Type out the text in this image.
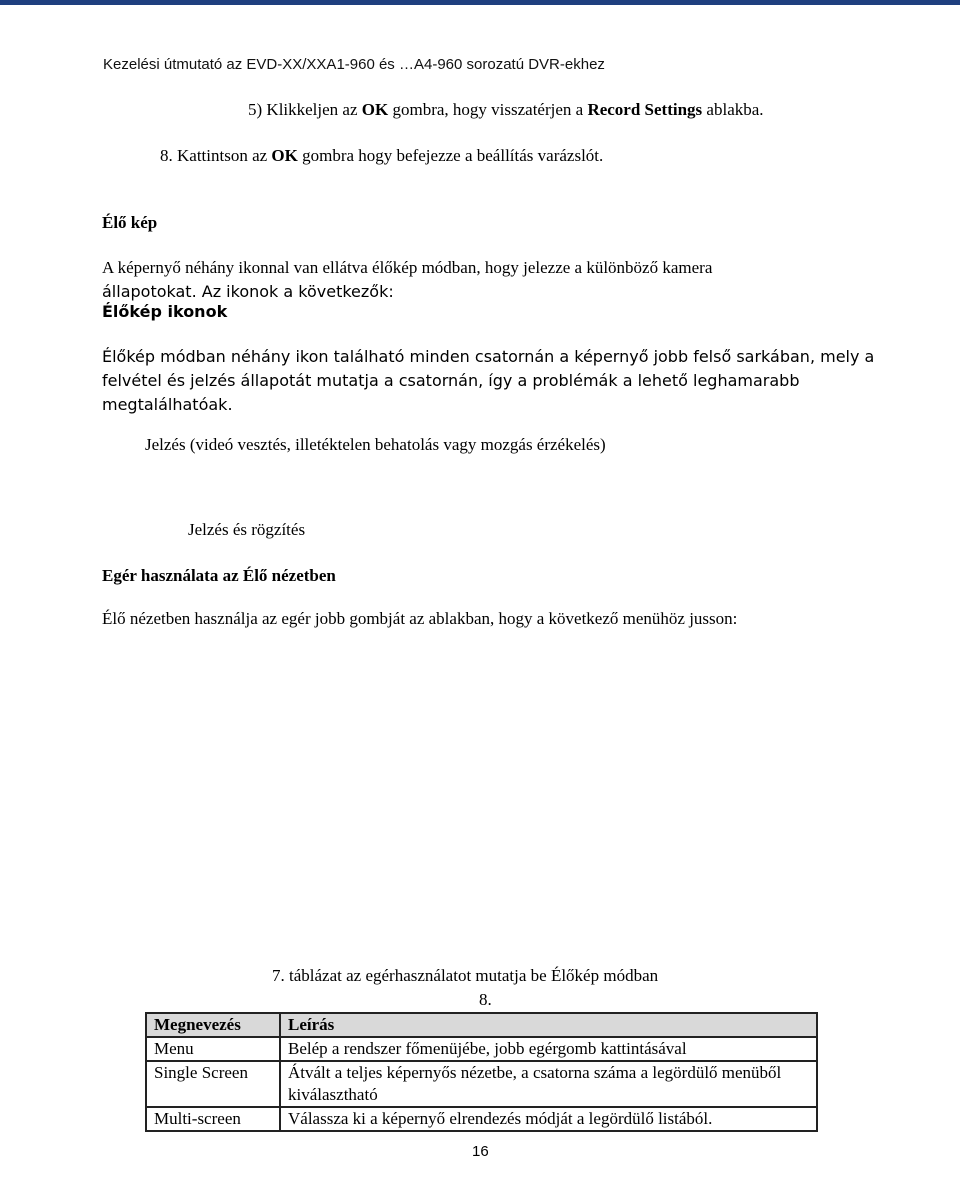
Kezelési útmutató az EVD-XX/XXA1-960 és …A4-960 sorozatú DVR-ekhez
5) Klikkeljen az OK gombra, hogy visszatérjen a Record Settings ablakba.
8. Kattintson az OK gombra hogy befejezze a beállítás varázslót.
Élő kép
A képernyő néhány ikonnal van ellátva élőkép módban, hogy jelezze a különböző kamera
állapotokat. Az ikonok a következők:
Élőkép ikonok
Élőkép módban néhány ikon található minden csatornán a képernyő jobb felső sarkában, mely a felvétel és jelzés állapotát mutatja a csatornán, így a problémák a lehető leghamarabb megtalálhatóak.
Jelzés (videó vesztés, illetéktelen behatolás vagy mozgás érzékelés)
Jelzés és rögzítés
Egér használata az Élő nézetben
Élő nézetben használja az egér jobb gombját az ablakban, hogy a következő menühöz jusson:
7. táblázat az egérhasználatot mutatja be Élőkép módban
8.
Megnevezés	Leírás
Menu	Belép a rendszer főmenüjébe, jobb egérgomb kattintásával
Single Screen	Átvált a teljes képernyős nézetbe, a csatorna száma a legördülő menüből kiválasztható
Multi-screen	Válassza ki a képernyő elrendezés módját a legördülő listából.
16
